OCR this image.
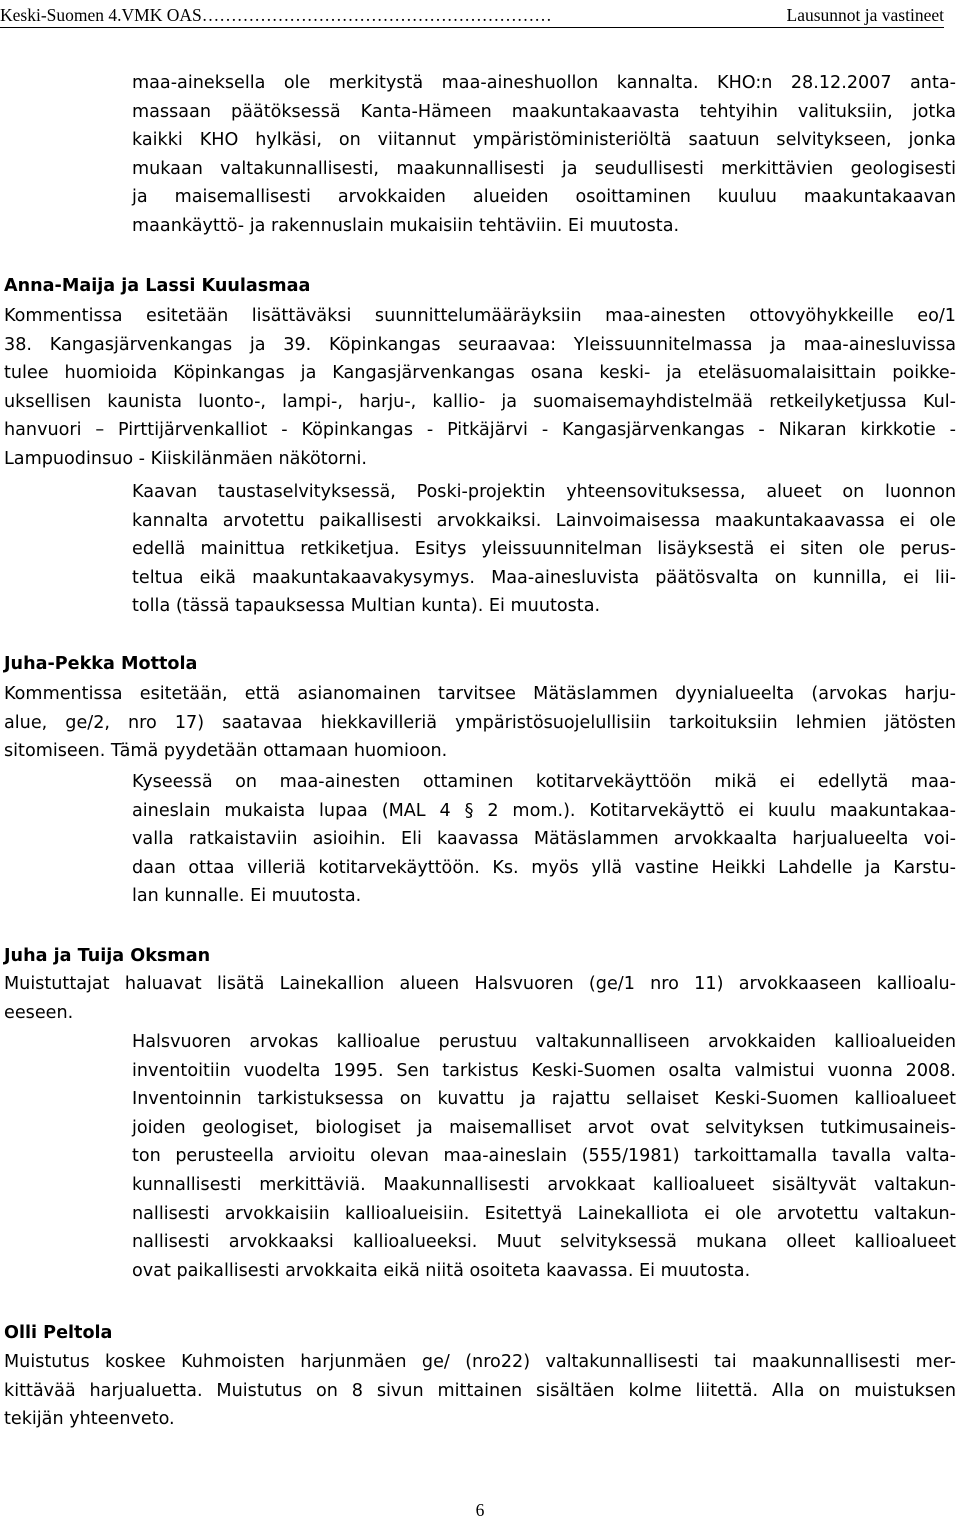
Keski-Suomen 4.VMK OAS ……………………………………………………	Lausunnot ja vastineet
maa-aineksella ole merkitystä maa-aineshuollon kannalta. KHO:n 28.12.2007 anta-
massaan päätöksessä Kanta-Hämeen maakuntakaavasta tehtyihin valituksiin, jotka
kaikki KHO hylkäsi, on viitannut ympäristöministeriöltä saatuun selvitykseen, jonka
mukaan valtakunnallisesti, maakunnallisesti ja seudullisesti merkittävien geologisesti
ja maisemallisesti arvokkaiden alueiden osoittaminen kuuluu maakuntakaavan
maankäyttö- ja rakennuslain mukaisiin tehtäviin. Ei muutosta.
Anna-Maija ja Lassi Kuulasmaa
Kommentissa esitetään lisättäväksi suunnittelumääräyksiin maa-ainesten ottovyöhykkeille eo/1
38. Kangasjärvenkangas ja 39. Köpinkangas seuraavaa: Yleissuunnitelmassa ja maa-ainesluvissa
tulee huomioida Köpinkangas ja Kangasjärvenkangas osana keski- ja eteläsuomalaisittain poikke-
uksellisen kaunista luonto-, lampi-, harju-, kallio- ja suomaisemayhdistelmää retkeilyketjussa Kul-
hanvuori – Pirttijärvenkalliot - Köpinkangas - Pitkäjärvi - Kangasjärvenkangas - Nikaran kirkkotie -
Lampuodinsuo - Kiiskilänmäen näkötorni.
Kaavan taustaselvityksessä, Poski-projektin yhteensovituksessa, alueet on luonnon
kannalta arvotettu paikallisesti arvokkaiksi. Lainvoimaisessa maakuntakaavassa ei ole
edellä mainittua retkiketjua. Esitys yleissuunnitelman lisäyksestä ei siten ole perus-
teltua eikä maakuntakaavakysymys. Maa-ainesluvista päätösvalta on kunnilla, ei lii-
tolla (tässä tapauksessa Multian kunta). Ei muutosta.
Juha-Pekka Mottola
Kommentissa esitetään, että asianomainen tarvitsee Mätäslammen dyynialueelta (arvokas harju-
alue, ge/2, nro 17) saatavaa hiekkavilleriä ympäristösuojelullisiin tarkoituksiin lehmien jätösten
sitomiseen. Tämä pyydetään ottamaan huomioon.
Kyseessä on maa-ainesten ottaminen kotitarvekäyttöön mikä ei edellytä maa-
aineslain mukaista lupaa (MAL 4 § 2 mom.). Kotitarvekäyttö ei kuulu maakuntakaa-
valla ratkaistaviin asioihin. Eli kaavassa Mätäslammen arvokkaalta harjualueelta voi-
daan ottaa villeriä kotitarvekäyttöön. Ks. myös yllä vastine Heikki Lahdelle ja Karstu-
lan kunnalle. Ei muutosta.
Juha ja Tuija Oksman
Muistuttajat haluavat lisätä Lainekallion alueen Halsvuoren (ge/1 nro 11) arvokkaaseen kallioalu-
eeseen.
Halsvuoren arvokas kallioalue perustuu valtakunnalliseen arvokkaiden kallioalueiden
inventoitiin vuodelta 1995. Sen tarkistus Keski-Suomen osalta valmistui vuonna 2008.
Inventoinnin tarkistuksessa on kuvattu ja rajattu sellaiset Keski-Suomen kallioalueet
joiden geologiset, biologiset ja maisemalliset arvot ovat selvityksen tutkimusaineis-
ton perusteella arvioitu olevan maa-aineslain (555/1981) tarkoittamalla tavalla valta-
kunnallisesti merkittäviä. Maakunnallisesti arvokkaat kallioalueet sisältyvät valtakun-
nallisesti arvokkaisiin kallioalueisiin. Esitettyä Lainekalliota ei ole arvotettu valtakun-
nallisesti arvokkaaksi kallioalueeksi. Muut selvityksessä mukana olleet kallioalueet
ovat paikallisesti arvokkaita eikä niitä osoiteta kaavassa. Ei muutosta.
Olli Peltola
Muistutus koskee Kuhmoisten harjunmäen ge/ (nro22) valtakunnallisesti tai maakunnallisesti mer-
kittävää harjualuetta. Muistutus on 8 sivun mittainen sisältäen kolme liitettä. Alla on muistuksen
tekijän yhteenveto.
6
